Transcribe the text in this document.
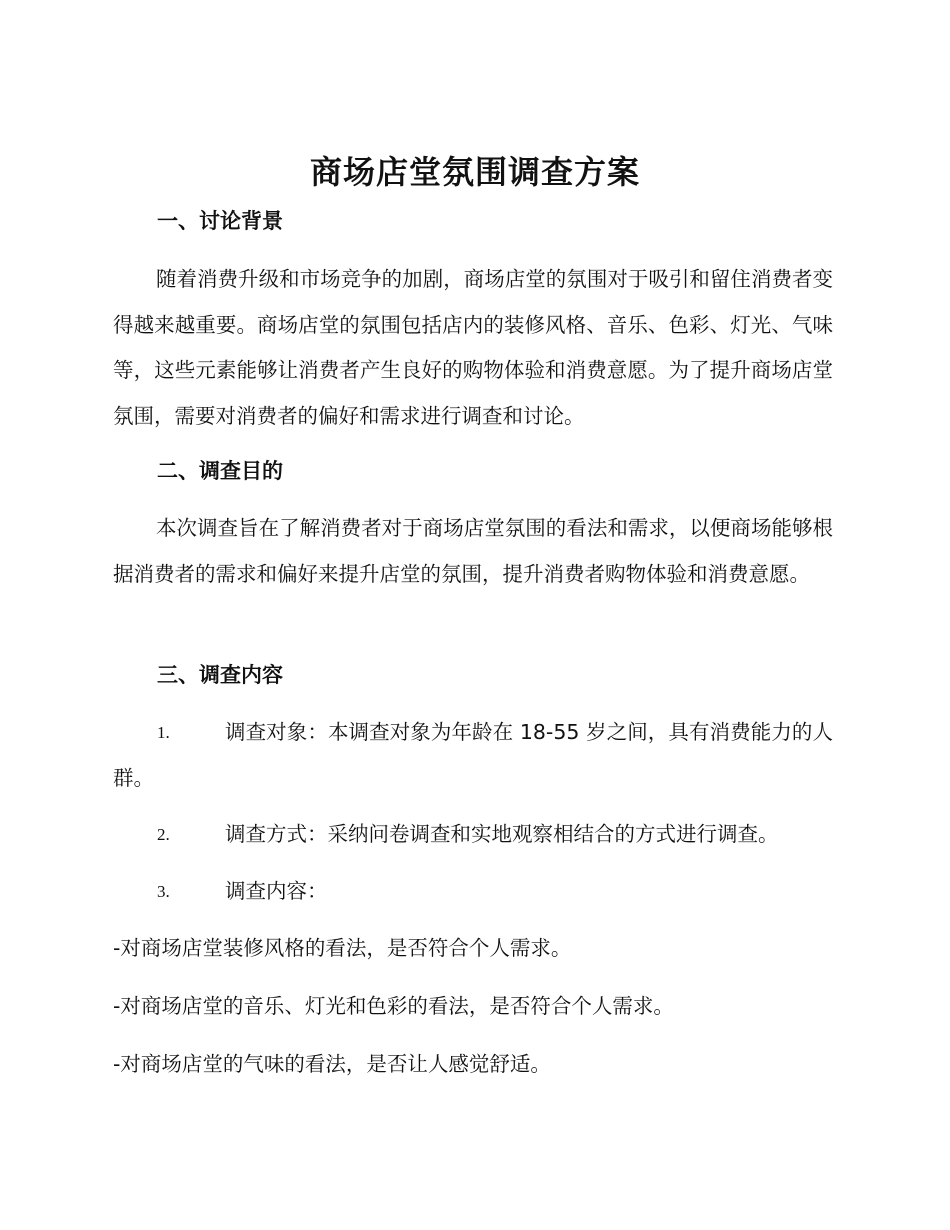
商场店堂氛围调查方案
一、讨论背景
随着消费升级和市场竞争的加剧，商场店堂的氛围对于吸引和留住消费者变得越来越重要。商场店堂的氛围包括店内的装修风格、音乐、色彩、灯光、气味等，这些元素能够让消费者产生良好的购物体验和消费意愿。为了提升商场店堂氛围，需要对消费者的偏好和需求进行调查和讨论。
二、调查目的
本次调查旨在了解消费者对于商场店堂氛围的看法和需求，以便商场能够根据消费者的需求和偏好来提升店堂的氛围，提升消费者购物体验和消费意愿。
三、调查内容
1.	调查对象：本调查对象为年龄在 18-55 岁之间，具有消费能力的人群。
2.	调查方式：采纳问卷调查和实地观察相结合的方式进行调查。
3.	调查内容：
-对商场店堂装修风格的看法，是否符合个人需求。
-对商场店堂的音乐、灯光和色彩的看法，是否符合个人需求。
-对商场店堂的气味的看法，是否让人感觉舒适。
